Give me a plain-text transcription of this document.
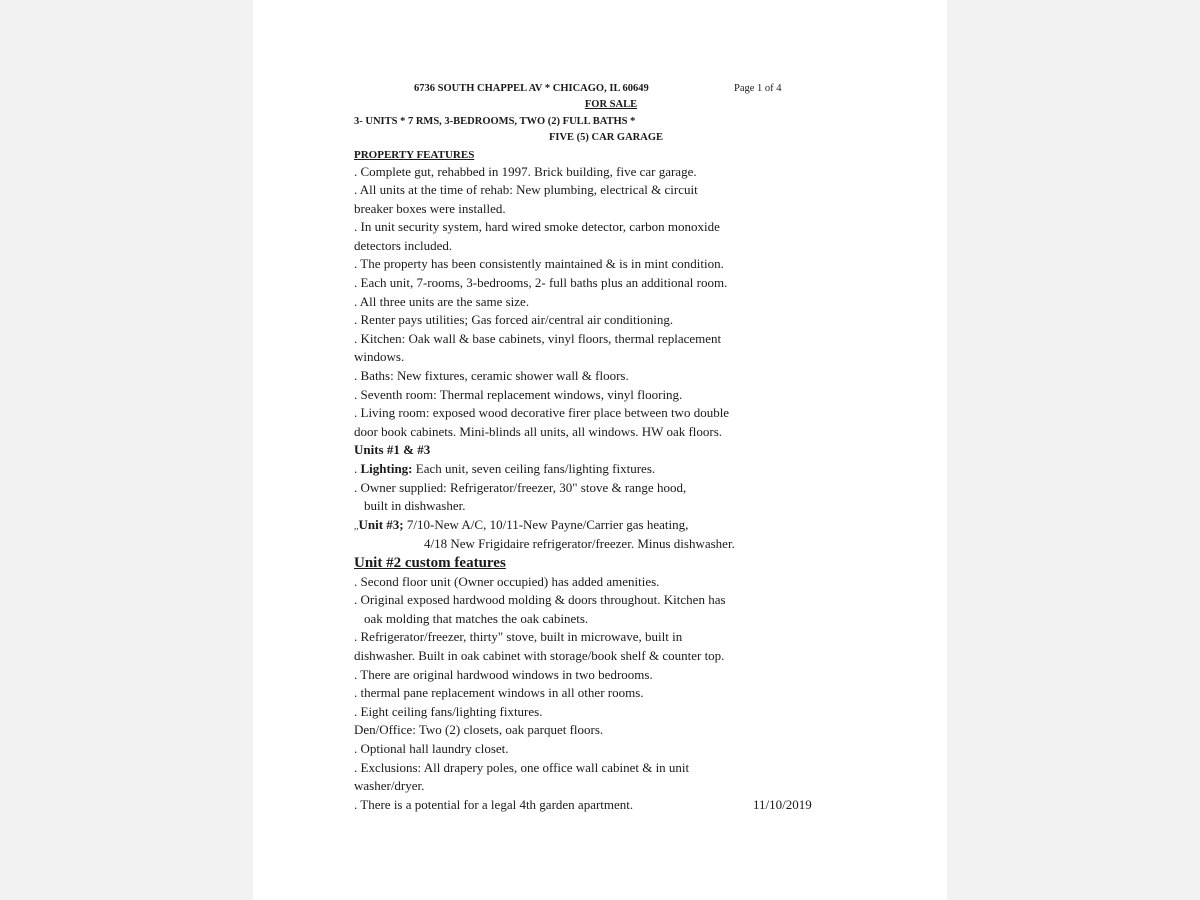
6736 SOUTH CHAPPEL AV * CHICAGO, IL 60649	Page 1 of 4
FOR SALE
3- UNITS * 7 RMS, 3-BEDROOMS, TWO (2) FULL BATHS *
FIVE (5) CAR GARAGE
PROPERTY FEATURES
. Complete gut, rehabbed in 1997. Brick building, five car garage.
. All units at the time of rehab: New plumbing, electrical & circuit
breaker boxes were installed.
. In unit security system, hard wired smoke detector, carbon monoxide
detectors included.
. The property has been consistently maintained & is in mint condition.
. Each unit, 7-rooms, 3-bedrooms, 2- full baths plus an additional room.
. All three units are the same size.
. Renter pays utilities; Gas forced air/central air conditioning.
. Kitchen: Oak wall & base cabinets, vinyl floors, thermal replacement
windows.
. Baths: New fixtures, ceramic shower wall & floors.
. Seventh room: Thermal replacement windows, vinyl flooring.
. Living room: exposed wood decorative firer place between two double
door book cabinets. Mini-blinds all units, all windows. HW oak floors.
Units #1 & #3
. Lighting: Each unit, seven ceiling fans/lighting fixtures.
. Owner supplied: Refrigerator/freezer, 30" stove & range hood,
built in dishwasher.
,,Unit #3; 7/10-New A/C, 10/11-New Payne/Carrier gas heating,
4/18 New Frigidaire refrigerator/freezer. Minus dishwasher.
Unit #2 custom features
. Second floor unit (Owner occupied) has added amenities.
. Original exposed hardwood molding & doors throughout. Kitchen has
oak molding that matches the oak cabinets.
. Refrigerator/freezer, thirty" stove, built in microwave, built in
dishwasher. Built in oak cabinet with storage/book shelf & counter top.
. There are original hardwood windows in two bedrooms.
. thermal pane replacement windows in all other rooms.
. Eight ceiling fans/lighting fixtures.
Den/Office: Two (2) closets, oak parquet floors.
. Optional hall laundry closet.
. Exclusions: All drapery poles, one office wall cabinet & in unit
washer/dryer.
. There is a potential for a legal 4th garden apartment.	11/10/2019
